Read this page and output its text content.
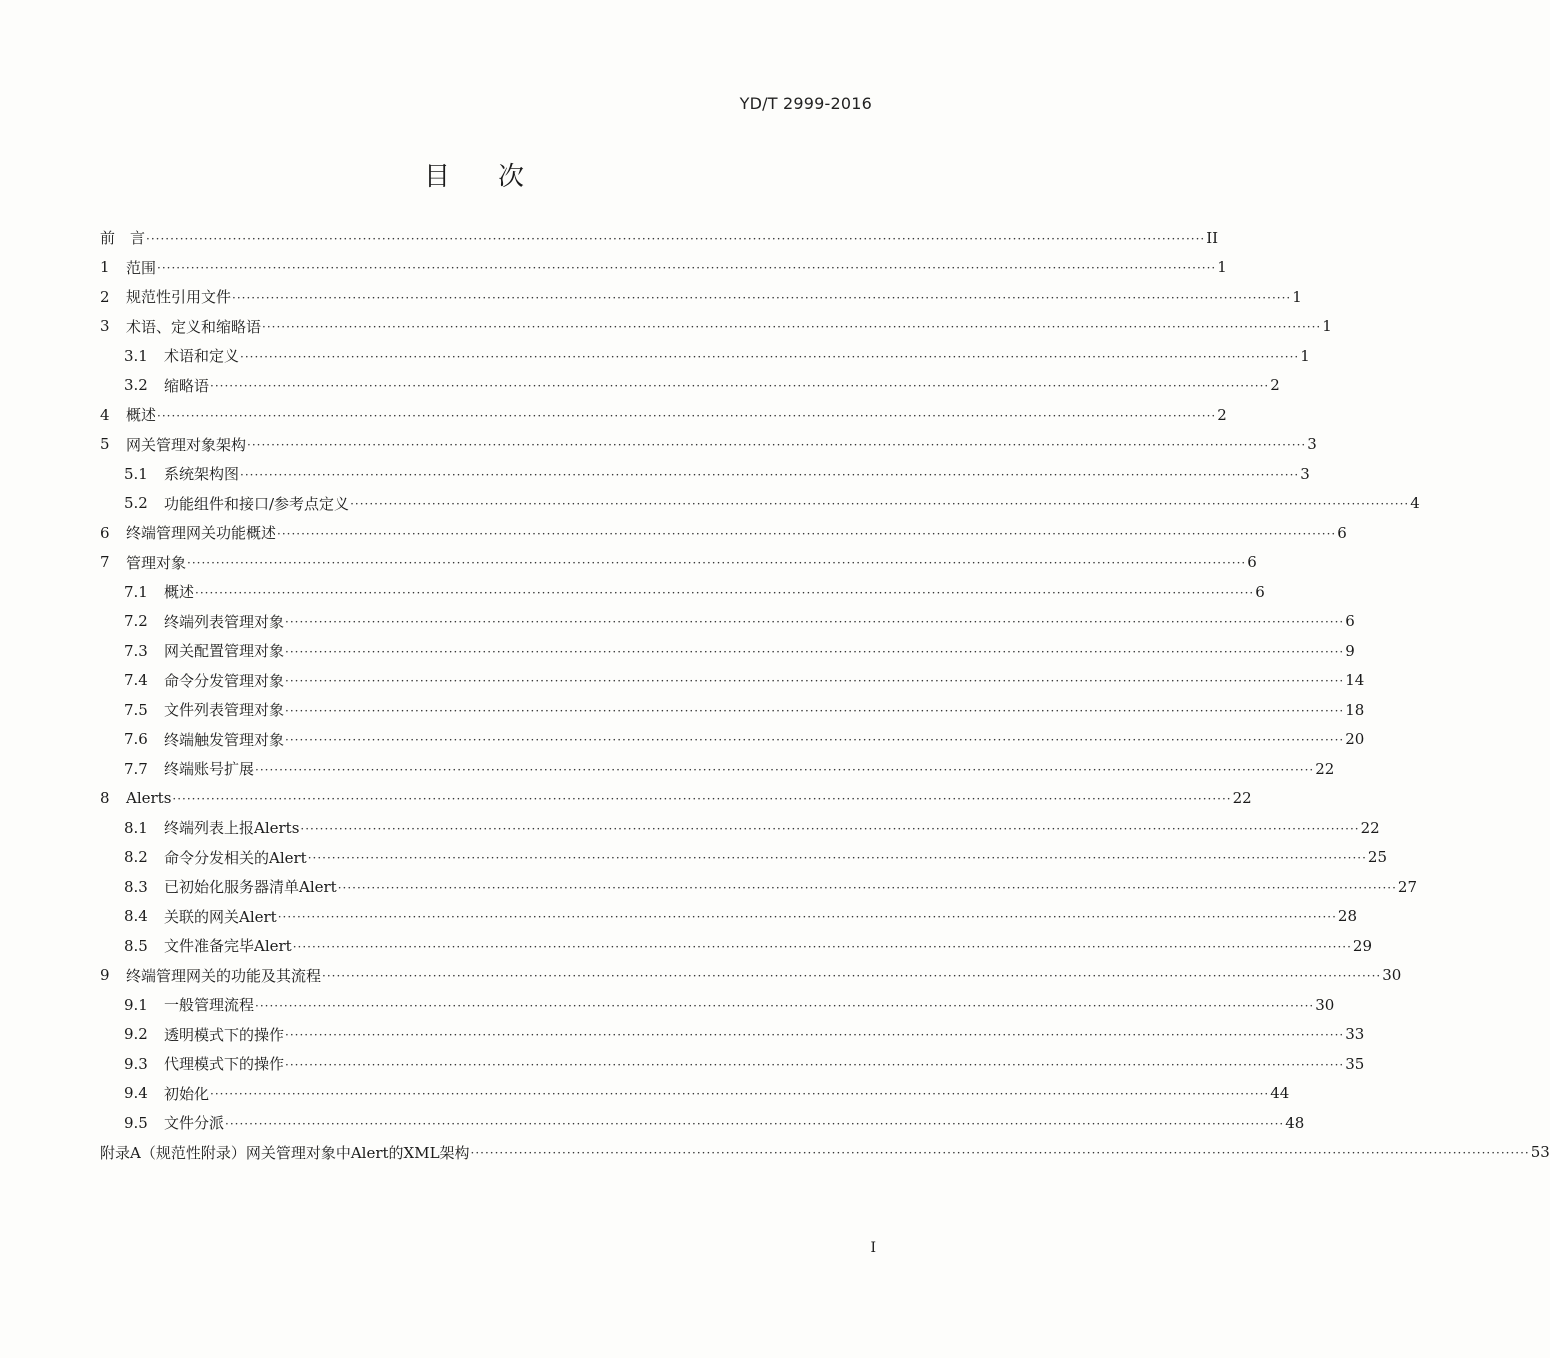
YD/T 2999-2016
目 次
前　言 ···························································································································································································································· II
1	范围 ···························································································································································································································· 1
2	规范性引用文件 ···························································································································································································································· 1
3	术语、定义和缩略语 ···························································································································································································································· 1
3.1	术语和定义 ···························································································································································································································· 1
3.2	缩略语 ···························································································································································································································· 2
4	概述 ···························································································································································································································· 2
5	网关管理对象架构 ···························································································································································································································· 3
5.1	系统架构图 ···························································································································································································································· 3
5.2	功能组件和接口/参考点定义 ···························································································································································································································· 4
6	终端管理网关功能概述 ···························································································································································································································· 6
7	管理对象 ···························································································································································································································· 6
7.1	概述 ···························································································································································································································· 6
7.2	终端列表管理对象 ···························································································································································································································· 6
7.3	网关配置管理对象 ···························································································································································································································· 9
7.4	命令分发管理对象 ···························································································································································································································· 14
7.5	文件列表管理对象 ···························································································································································································································· 18
7.6	终端触发管理对象 ···························································································································································································································· 20
7.7	终端账号扩展 ···························································································································································································································· 22
8	Alerts ···························································································································································································································· 22
8.1	终端列表上报Alerts ···························································································································································································································· 22
8.2	命令分发相关的Alert ···························································································································································································································· 25
8.3	已初始化服务器清单Alert ···························································································································································································································· 27
8.4	关联的网关Alert ···························································································································································································································· 28
8.5	文件准备完毕Alert ···························································································································································································································· 29
9	终端管理网关的功能及其流程 ···························································································································································································································· 30
9.1	一般管理流程 ···························································································································································································································· 30
9.2	透明模式下的操作 ···························································································································································································································· 33
9.3	代理模式下的操作 ···························································································································································································································· 35
9.4	初始化 ···························································································································································································································· 44
9.5	文件分派 ···························································································································································································································· 48
附录A（规范性附录）网关管理对象中Alert的XML架构 ···························································································································································································································· 53
I
